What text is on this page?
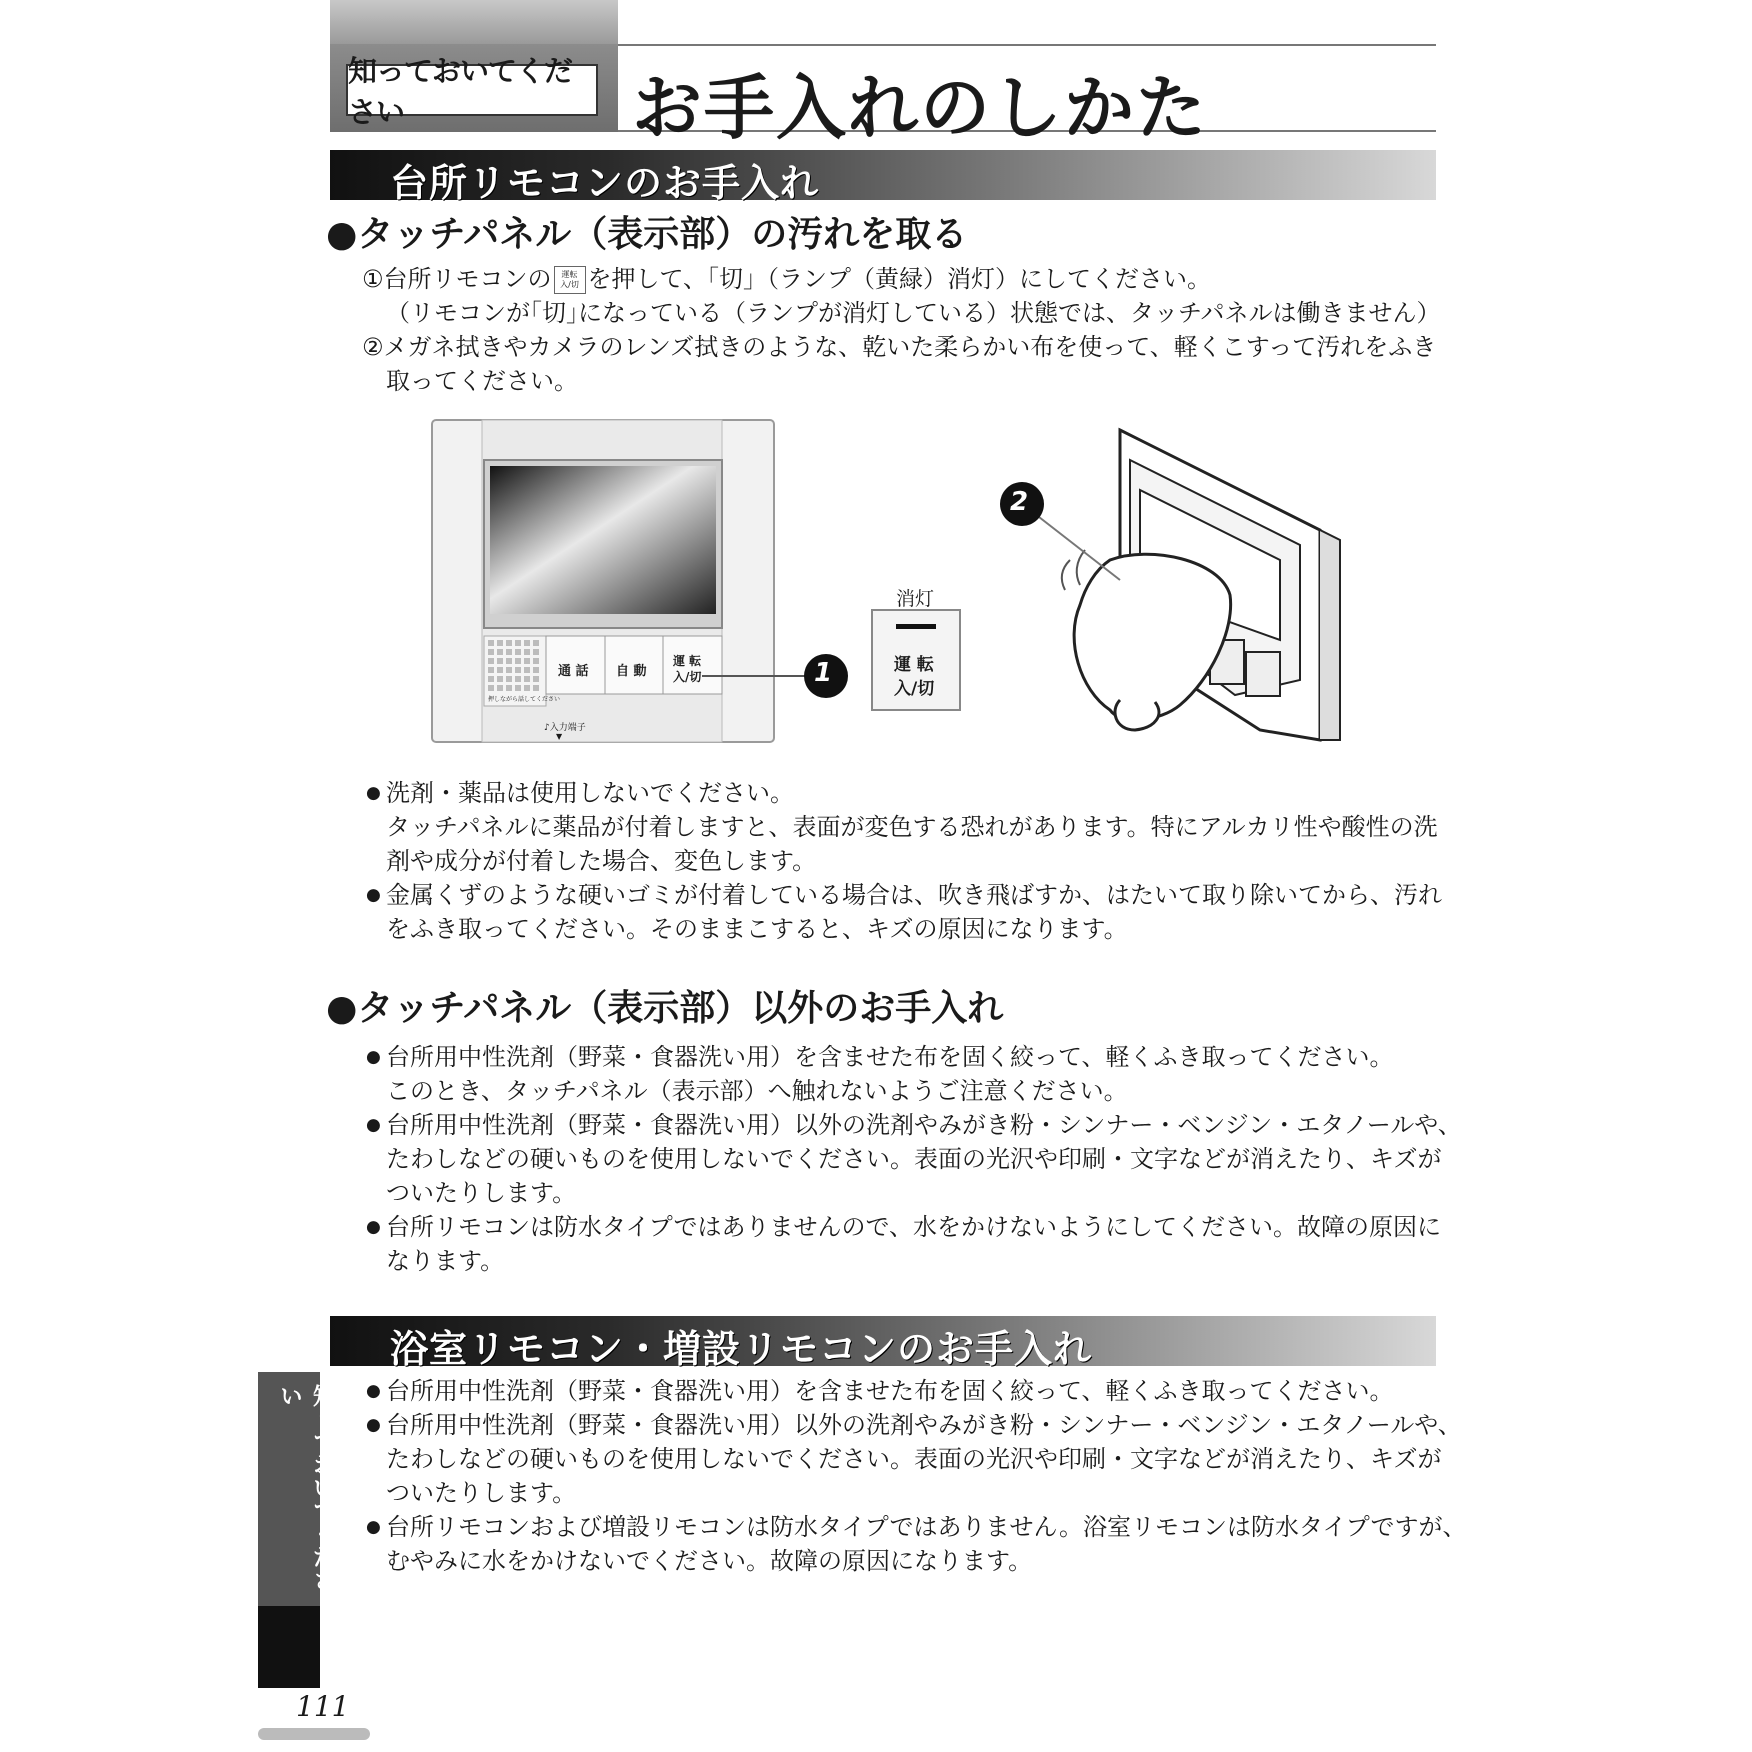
知っておいてください	お手入れのしかた
台所リモコンのお手入れ
●タッチパネル（表示部）の汚れを取る
①台所リモコンの 運転
入/切 を押して、｢切｣（ランプ（黄緑）消灯）にしてください。
（リモコンが｢切｣になっている（ランプが消灯している）状態では、タッチパネルは働きません）
②メガネ拭きやカメラのレンズ拭きのような、乾いた柔らかい布を使って、軽くこすって汚れをふき
取ってください。
通 話 自 動
運 転
入/切
押しながら話してください
♪入力端子
▼
1
2
消灯
運 転
入/切
● 洗剤・薬品は使用しないでください。
タッチパネルに薬品が付着しますと、表面が変色する恐れがあります。特にアルカリ性や酸性の洗
剤や成分が付着した場合、変色します。
● 金属くずのような硬いゴミが付着している場合は、吹き飛ばすか、はたいて取り除いてから、汚れ
をふき取ってください。そのままこすると、キズの原因になります。
●タッチパネル（表示部）以外のお手入れ
● 台所用中性洗剤（野菜・食器洗い用）を含ませた布を固く絞って、軽くふき取ってください。
このとき、タッチパネル（表示部）へ触れないようご注意ください。
● 台所用中性洗剤（野菜・食器洗い用）以外の洗剤やみがき粉・シンナー・ベンジン・エタノールや、
たわしなどの硬いものを使用しないでください。表面の光沢や印刷・文字などが消えたり、キズが
ついたりします。
● 台所リモコンは防水タイプではありませんので、水をかけないようにしてください。故障の原因に
なります。
浴室リモコン・増設リモコンのお手入れ
● 台所用中性洗剤（野菜・食器洗い用）を含ませた布を固く絞って、軽くふき取ってください。
● 台所用中性洗剤（野菜・食器洗い用）以外の洗剤やみがき粉・シンナー・ベンジン・エタノールや、
たわしなどの硬いものを使用しないでください。表面の光沢や印刷・文字などが消えたり、キズが
ついたりします。
● 台所リモコンおよび増設リモコンは防水タイプではありません。浴室リモコンは防水タイプですが、
むやみに水をかけないでください。故障の原因になります。
知っておいてください
111
